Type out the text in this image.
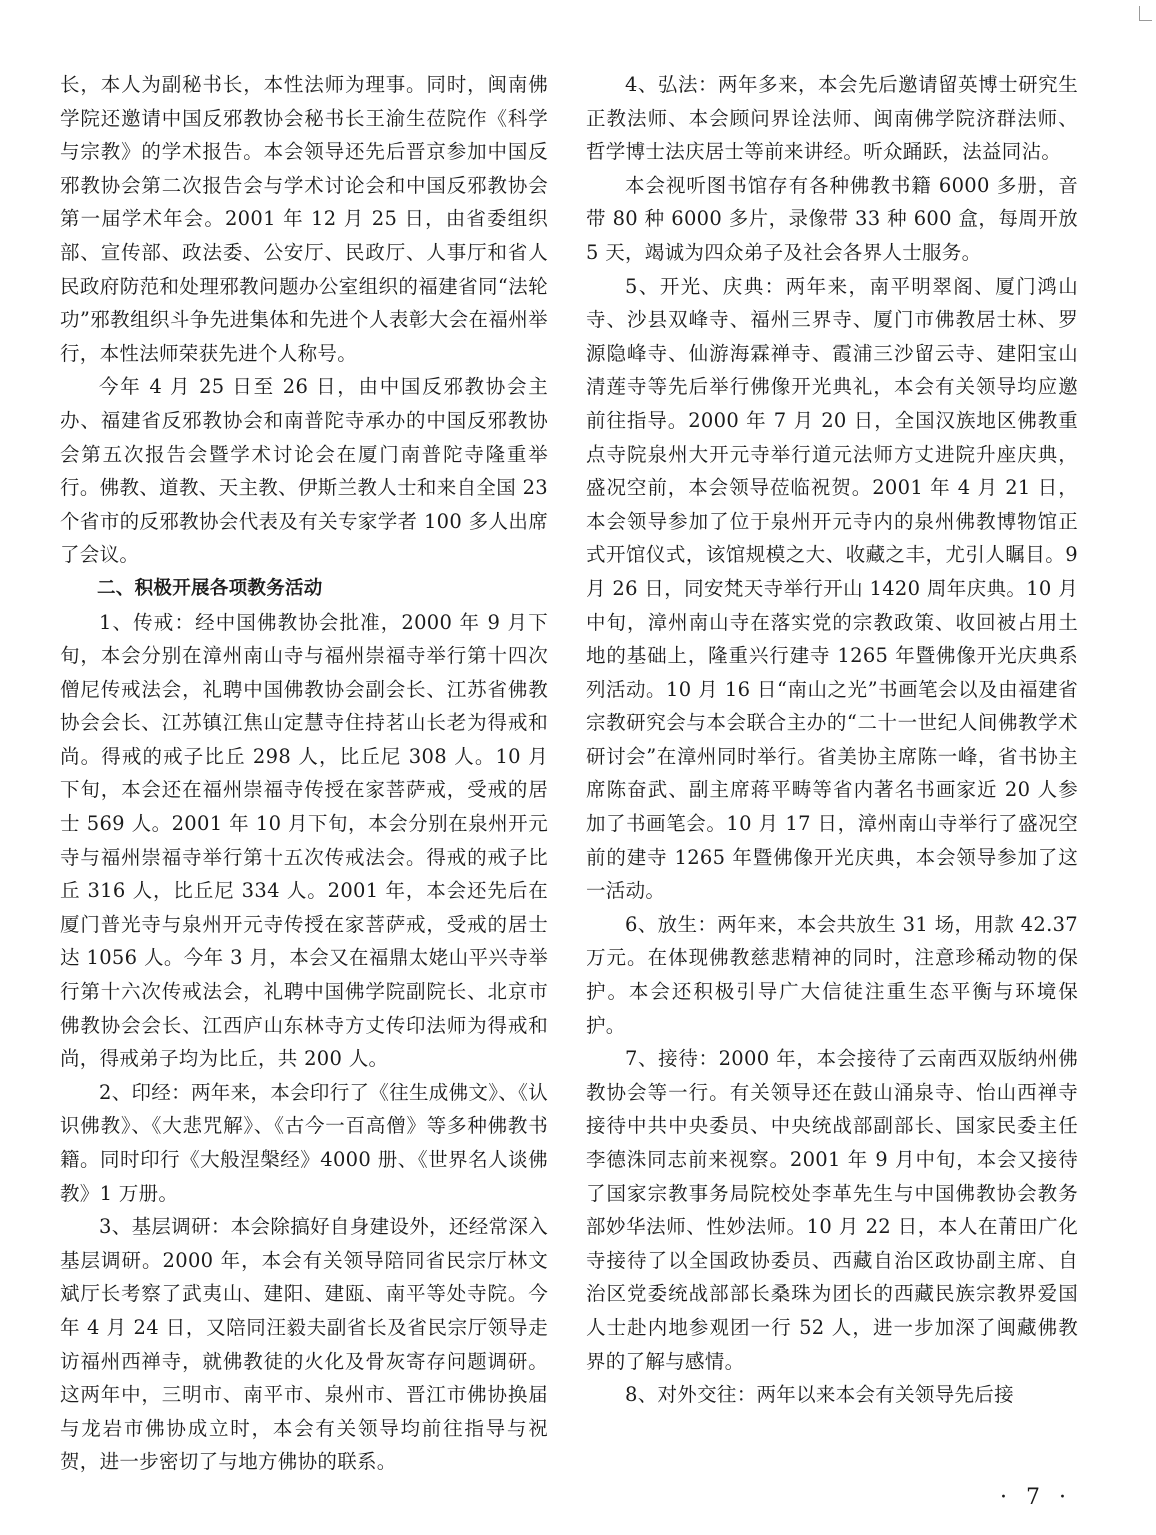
长，本人为副秘书长，本性法师为理事。同时，闽南佛学院还邀请中国反邪教协会秘书长王渝生莅院作《科学与宗教》的学术报告。本会领导还先后晋京参加中国反邪教协会第二次报告会与学术讨论会和中国反邪教协会第一届学术年会。2001 年 12 月 25 日，由省委组织部、宣传部、政法委、公安厅、民政厅、人事厅和省人民政府防范和处理邪教问题办公室组织的福建省同“法轮功”邪教组织斗争先进集体和先进个人表彰大会在福州举行，本性法师荣获先进个人称号。

今年 4 月 25 日至 26 日，由中国反邪教协会主办、福建省反邪教协会和南普陀寺承办的中国反邪教协会第五次报告会暨学术讨论会在厦门南普陀寺隆重举行。佛教、道教、天主教、伊斯兰教人士和来自全国 23 个省市的反邪教协会代表及有关专家学者 100 多人出席了会议。

二、积极开展各项教务活动

1、传戒：经中国佛教协会批准，2000 年 9 月下旬，本会分别在漳州南山寺与福州崇福寺举行第十四次僧尼传戒法会，礼聘中国佛教协会副会长、江苏省佛教协会会长、江苏镇江焦山定慧寺住持茗山长老为得戒和尚。得戒的戒子比丘 298 人，比丘尼 308 人。10 月下旬，本会还在福州崇福寺传授在家菩萨戒，受戒的居士 569 人。2001 年 10 月下旬，本会分别在泉州开元寺与福州崇福寺举行第十五次传戒法会。得戒的戒子比丘 316 人，比丘尼 334 人。2001 年，本会还先后在厦门普光寺与泉州开元寺传授在家菩萨戒，受戒的居士达 1056 人。今年 3 月，本会又在福鼎太姥山平兴寺举行第十六次传戒法会，礼聘中国佛学院副院长、北京市佛教协会会长、江西庐山东林寺方丈传印法师为得戒和尚，得戒弟子均为比丘，共 200 人。

2、印经：两年来，本会印行了《往生成佛文》、《认识佛教》、《大悲咒解》、《古今一百高僧》等多种佛教书籍。同时印行《大般涅槃经》4000 册、《世界名人谈佛教》1 万册。

3、基层调研：本会除搞好自身建设外，还经常深入基层调研。2000 年，本会有关领导陪同省民宗厅林文斌厅长考察了武夷山、建阳、建瓯、南平等处寺院。今年 4 月 24 日，又陪同汪毅夫副省长及省民宗厅领导走访福州西禅寺，就佛教徒的火化及骨灰寄存问题调研。这两年中，三明市、南平市、泉州市、晋江市佛协换届与龙岩市佛协成立时，本会有关领导均前往指导与祝贺，进一步密切了与地方佛协的联系。

4、弘法：两年多来，本会先后邀请留英博士研究生正教法师、本会顾问界诠法师、闽南佛学院济群法师、哲学博士法庆居士等前来讲经。听众踊跃，法益同沾。

本会视听图书馆存有各种佛教书籍 6000 多册，音带 80 种 6000 多片，录像带 33 种 600 盒，每周开放 5 天，竭诚为四众弟子及社会各界人士服务。

5、开光、庆典：两年来，南平明翠阁、厦门鸿山寺、沙县双峰寺、福州三界寺、厦门市佛教居士林、罗源隐峰寺、仙游海霖禅寺、霞浦三沙留云寺、建阳宝山清莲寺等先后举行佛像开光典礼，本会有关领导均应邀前往指导。2000 年 7 月 20 日，全国汉族地区佛教重点寺院泉州大开元寺举行道元法师方丈进院升座庆典，盛况空前，本会领导莅临祝贺。2001 年 4 月 21 日，本会领导参加了位于泉州开元寺内的泉州佛教博物馆正式开馆仪式，该馆规模之大、收藏之丰，尤引人瞩目。9 月 26 日，同安梵天寺举行开山 1420 周年庆典。10 月中旬，漳州南山寺在落实党的宗教政策、收回被占用土地的基础上，隆重兴行建寺 1265 年暨佛像开光庆典系列活动。10 月 16 日“南山之光”书画笔会以及由福建省宗教研究会与本会联合主办的“二十一世纪人间佛教学术研讨会”在漳州同时举行。省美协主席陈一峰，省书协主席陈奋武、副主席蒋平畴等省内著名书画家近 20 人参加了书画笔会。10 月 17 日，漳州南山寺举行了盛况空前的建寺 1265 年暨佛像开光庆典，本会领导参加了这一活动。

6、放生：两年来，本会共放生 31 场，用款 42.37 万元。在体现佛教慈悲精神的同时，注意珍稀动物的保护。本会还积极引导广大信徒注重生态平衡与环境保护。

7、接待：2000 年，本会接待了云南西双版纳州佛教协会等一行。有关领导还在鼓山涌泉寺、怡山西禅寺接待中共中央委员、中央统战部副部长、国家民委主任李德洙同志前来视察。2001 年 9 月中旬，本会又接待了国家宗教事务局院校处李革先生与中国佛教协会教务部妙华法师、性妙法师。10 月 22 日，本人在莆田广化寺接待了以全国政协委员、西藏自治区政协副主席、自治区党委统战部部长桑珠为团长的西藏民族宗教界爱国人士赴内地参观团一行 52 人，进一步加深了闽藏佛教界的了解与感情。

8、对外交往：两年以来本会有关领导先后接

· 7 ·
